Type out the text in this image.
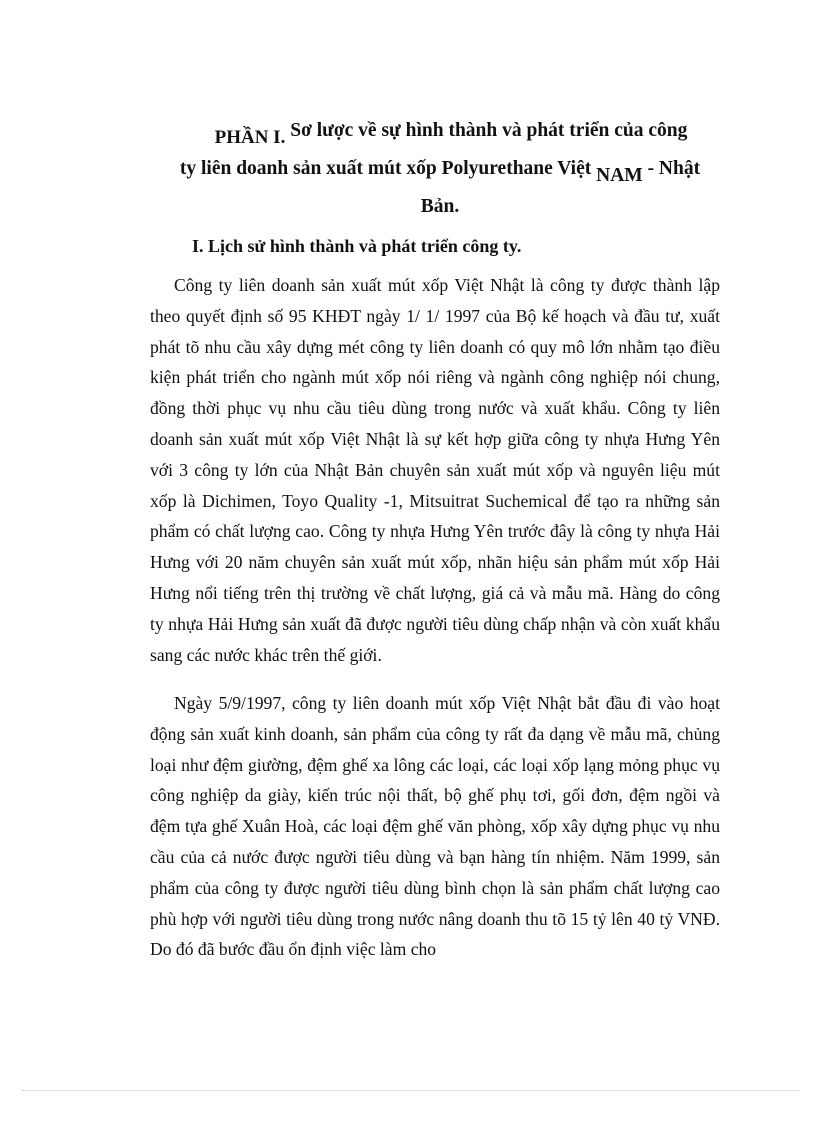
PHẦN I. Sơ lược về sự hình thành và phát triển của công
ty liên doanh sản xuất mút xốp Polyurethane Việt NAM - Nhật
Bản.
I. Lịch sử hình thành và phát triển công ty.

Công ty liên doanh sản xuất mút xốp Việt Nhật là công ty được thành lập theo quyết định số 95 KHĐT ngày 1/ 1/ 1997 của Bộ kế hoạch và đầu tư, xuất phát tõ nhu cầu xây dựng mét công ty liên doanh có quy mô lớn nhằm tạo điều kiện phát triển cho ngành mút xốp nói riêng và ngành công nghiệp nói chung, đồng thời phục vụ nhu cầu tiêu dùng trong nước và xuất khẩu. Công ty liên doanh sản xuất mút xốp Việt Nhật là sự kết hợp giữa công ty nhựa Hưng Yên với 3 công ty lớn của Nhật Bản chuyên sản xuất mút xốp và nguyên liệu mút xốp là Dichimen, Toyo Quality -1, Mitsuitrat Suchemical để tạo ra những sản phẩm có chất lượng cao. Công ty nhựa Hưng Yên trước đây là công ty nhựa Hải Hưng với 20 năm chuyên sản xuất mút xốp, nhãn hiệu sản phẩm mút xốp Hải Hưng nổi tiếng trên thị trường về chất lượng, giá cả và mẫu mã. Hàng do công ty nhựa Hải Hưng sản xuất đã được người tiêu dùng chấp nhận và còn xuất khẩu sang các nước khác trên thế giới.

Ngày 5/9/1997, công ty liên doanh mút xốp Việt Nhật bắt đầu đi vào hoạt động sản xuất kinh doanh, sản phẩm của công ty rất đa dạng về mẫu mã, chủng loại như đệm giường, đệm ghế xa lông các loại, các loại xốp lạng mỏng phục vụ công nghiệp da giày, kiến trúc nội thất, bộ ghế phụ tơi, gối đơn, đệm ngồi và đệm tựa ghế Xuân Hoà, các loại đệm ghế văn phòng, xốp xây dựng phục vụ nhu cầu của cả nước được người tiêu dùng và bạn hàng tín nhiệm. Năm 1999, sản phẩm của công ty được người tiêu dùng bình chọn là sản phẩm chất lượng cao phù hợp với người tiêu dùng trong nước nâng doanh thu tõ 15 tỷ lên 40 tỷ VNĐ. Do đó đã bước đầu ổn định việc làm cho
